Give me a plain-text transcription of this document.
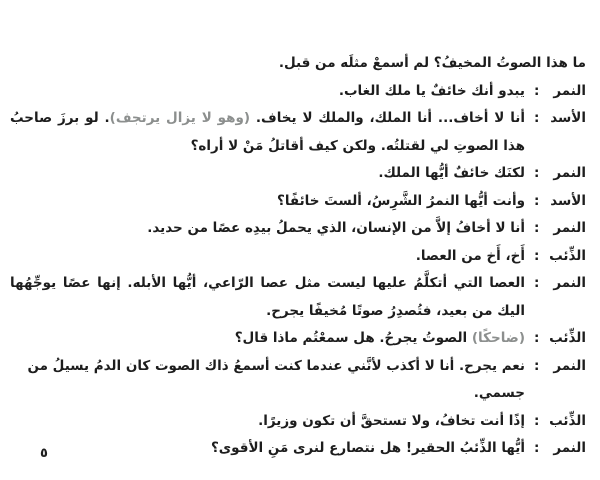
ما هذا الصوتُ المخيفُ؟ لم أسمعْ مثلَه من قبل.
النمر
:
يبدو أنك خائفٌ يا ملك الغاب.
الأسد
:
أنا لا أخاف... أنا الملك، والملك لا يخاف. (وهو لا يزال يرتجف). لو برزَ صاحبُ هذا الصوتِ لي لقتلتُه. ولكن كيف أقاتلُ مَنْ لا أراه؟
النمر
:
لكنَك خائفٌ أيُّها الملك.
الأسد
:
وأنت أيُّها النمرُ الشَّرِسُ، ألستَ خائفًا؟
النمر
:
أنا لا أخافُ إلاَّ من الإنسان، الذي يحملُ بيدِه عصًا من حديد.
الذِّئب
:
أَخ، أَخ من العصا.
النمر
:
العصا التي أتكلَّمُ عليها ليست مثل عصا الرّاعي، أيُّها الأبله. إنها عصًا يوجِّهُها اليك من بعيد، فتُصدِرُ صوتًا مُخيفًا يجرح.
الذِّئب
:
(ضاحكًا) الصوتُ يجرحُ. هل سمعْتُم ماذا قال؟
النمر
:
نعم يجرح. أنا لا أكذب لأنَّني عندما كنت أسمعُ ذاك الصوت كان الدمُ يسيلُ من جسمي.
الذِّئب
:
إذًا أنت تخافُ، ولا تستحقَّ أن تكون وزيرًا.
النمر
:
أيُّها الذِّئبُ الحقير! هل نتصارع لنرى مَنِ الأقوى؟
٥
